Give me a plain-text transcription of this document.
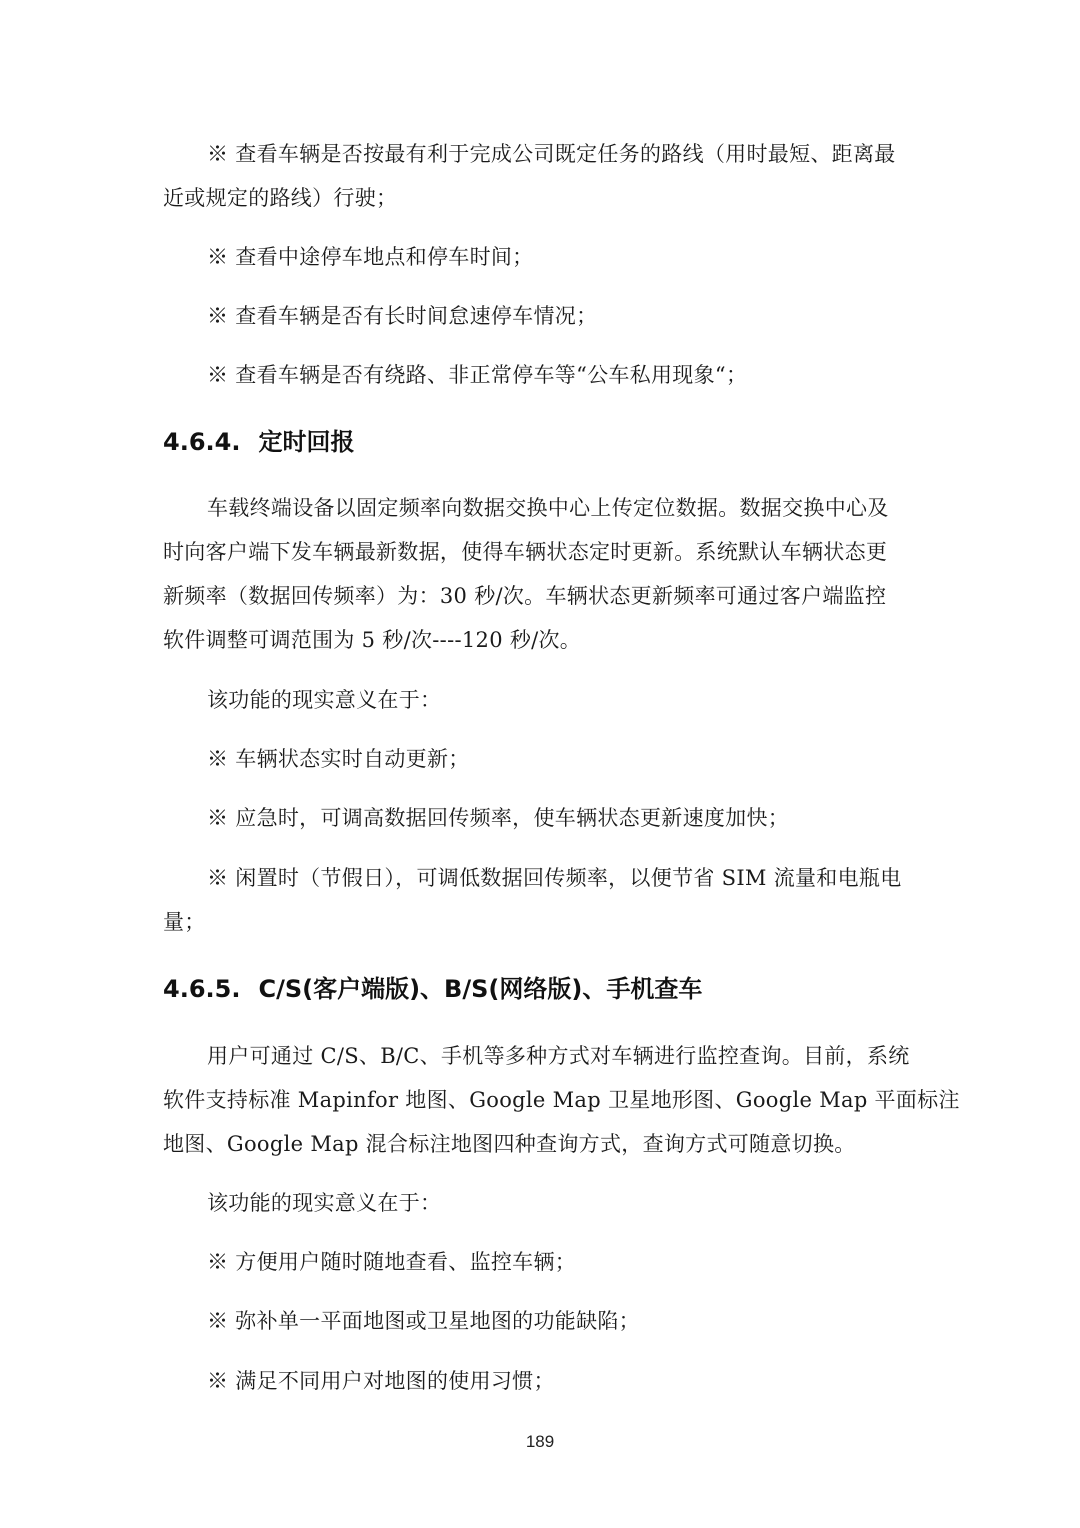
※ 查看车辆是否按最有利于完成公司既定任务的路线（用时最短、距离最
近或规定的路线）行驶；
※ 查看中途停车地点和停车时间；
※ 查看车辆是否有长时间怠速停车情况；
※ 查看车辆是否有绕路、非正常停车等“公车私用现象“；
4.6.4. 定时回报
车载终端设备以固定频率向数据交换中心上传定位数据。数据交换中心及
时向客户端下发车辆最新数据，使得车辆状态定时更新。系统默认车辆状态更
新频率（数据回传频率）为：30 秒/次。车辆状态更新频率可通过客户端监控
软件调整可调范围为 5 秒/次----120 秒/次。
该功能的现实意义在于：
※ 车辆状态实时自动更新；
※ 应急时，可调高数据回传频率，使车辆状态更新速度加快；
※ 闲置时（节假日），可调低数据回传频率，以便节省 SIM 流量和电瓶电
量；
4.6.5. C/S(客户端版)、B/S(网络版)、手机查车
用户可通过 C/S、B/C、手机等多种方式对车辆进行监控查询。目前，系统
软件支持标准 Mapinfor 地图、Google Map 卫星地形图、Google Map 平面标注
地图、Google Map 混合标注地图四种查询方式，查询方式可随意切换。
该功能的现实意义在于：
※ 方便用户随时随地查看、监控车辆；
※ 弥补单一平面地图或卫星地图的功能缺陷；
※ 满足不同用户对地图的使用习惯；
189
